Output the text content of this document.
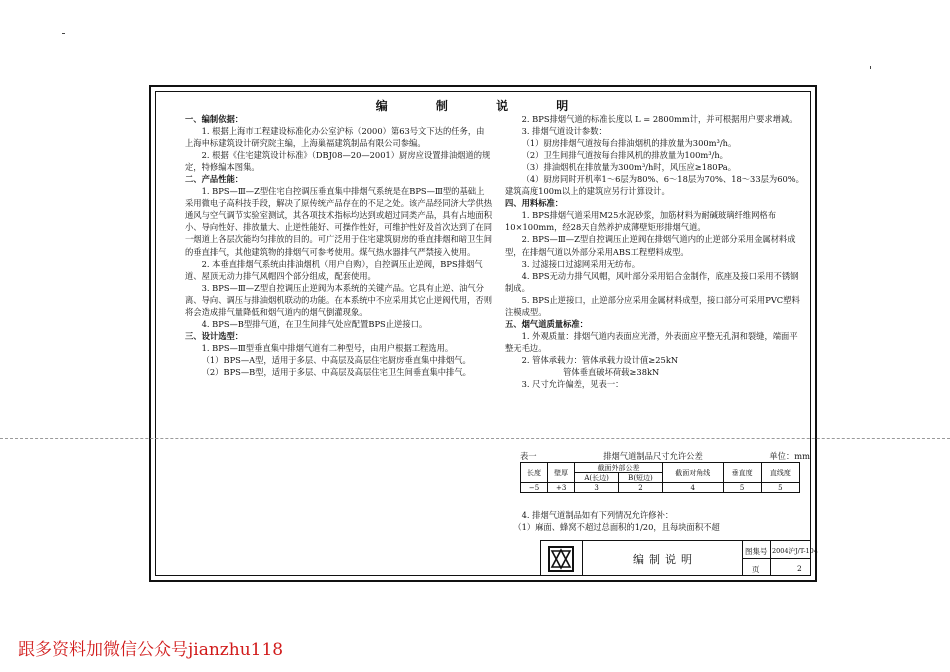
编 制 说 明

一、编制依据：

1. 根据上海市工程建设标准化办公室沪标（2000）第63号文下达的任务，由上海申标建筑设计研究院主编，上海巢福建筑制品有限公司参编。

2. 根据《住宅建筑设计标准》（DBJ08—20—2001）厨房应设置排油烟道的规定，特修编本图集。

二、产品性能：

1. BPS—Ⅲ—Z型住宅自控调压垂直集中排烟气系统是在BPS—Ⅲ型的基础上采用微电子高科技手段，解决了原传统产品存在的不足之处。该产品经同济大学供热通风与空气调节实验室测试，其各项技术指标均达到或超过同类产品，具有占地面积小、导向性好、排放量大、止逆性能好、可操作性好，可维护性好及首次达到了在同一烟道上各层次能均匀排放的目的。可广泛用于住宅建筑厨房的垂直排烟和暗卫生间的垂直排气，其他建筑物的排烟气可参考使用。煤气热水器排气严禁接入使用。

2. 本垂直排烟气系统由排油烟机（用户自购），自控调压止逆阀，BPS排烟气道、屋顶无动力排气风帽四个部分组成，配套使用。

3. BPS—Ⅲ—Z型自控调压止逆阀为本系统的关键产品。它具有止逆、油气分离、导向、调压与排油烟机联动的功能。在本系统中不应采用其它止逆阀代用，否则将会造成排气量降低和烟气道内的烟气倒灌现象。

4. BPS—B型排气道，在卫生间排气处应配置BPS止逆接口。

三、设计选型：

1. BPS—Ⅲ型垂直集中排烟气道有二种型号，由用户根据工程选用。

（1）BPS—A型，适用于多层、中高层及高层住宅厨房垂直集中排烟气。

（2）BPS—B型，适用于多层、中高层及高层住宅卫生间垂直集中排气。

2. BPS排烟气道的标准长度以 L = 2800mm计，并可根据用户要求增减。

3. 排烟气道设计参数：

（1）厨房排烟气道按每台排油烟机的排放量为300m³/h。

（2）卫生间排气道按每台排风机的排放量为100m³/h。

（3）排油烟机在排放量为300m³/h时，风压应≥180Pa。

（4）厨房同时开机率1～6层为80%、6～18层为70%、18～33层为60%。建筑高度100m以上的建筑应另行计算设计。

四、用料标准：

1. BPS排烟气道采用M25水泥砂浆，加筋材料为耐碱玻璃纤维网格布10×100mm，经28天自然养护成薄壁矩形排烟气道。

2. BPS—Ⅲ—Z型自控调压止逆阀在排烟气道内的止逆部分采用金属材料成型，在排烟气道以外部分采用ABS工程塑料成型。

3. 过滤接口过滤网采用无纺布。

4. BPS无动力排气风帽，风叶部分采用铝合金制作，底座及接口采用不锈钢制成。

5. BPS止逆接口，止逆部分应采用金属材料成型，接口部分可采用PVC塑料注模成型。

五、烟气道质量标准：

1. 外观质量：排烟气道内表面应光滑，外表面应平整无孔洞和裂缝，端面平整无毛边。

2. 管体承载力：管体承载力设计值≥25kN

管体垂直破坏荷载≥38kN

3. 尺寸允许偏差，见表一：

表一	排烟气道制品尺寸允许公差	单位：mm
长度	壁厚	截面外部公差		截面对角线	垂直度	直线度
		A(长边)	B(短边)			
−5	+3	3	2	4	5	5

4. 排烟气道制品如有下列情况允许修补：

（1）麻面、蜂窝不超过总面积的1/20，且每块面积不超

编制说明
图集号 2004沪J/T-104
页	2
跟多资料加微信公众号jianzhu118
